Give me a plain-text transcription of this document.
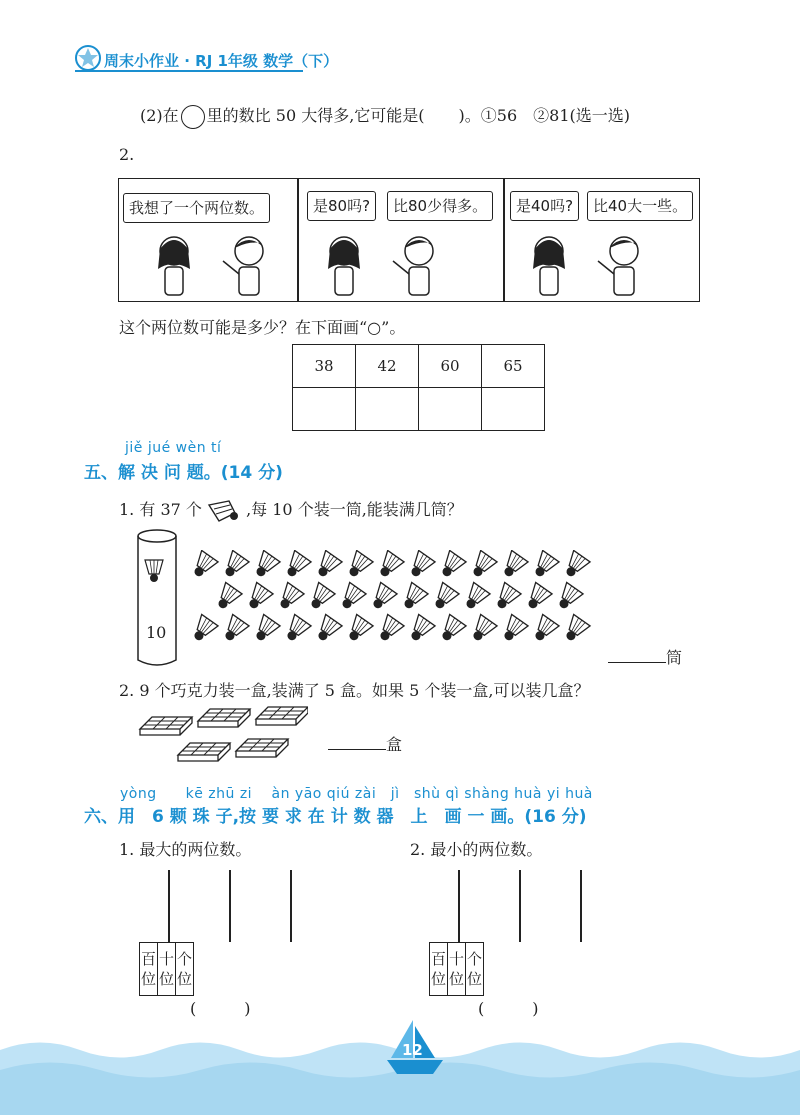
周末小作业 · RJ 1年级 数学（下）
(2)在 里的数比 50 大得多,它可能是( )。①56　②81(选一选)
2.
我想了一个两位数。	是80吗?	比80少得多。	是40吗?	比40大一些。
这个两位数可能是多少？在下面画“○”。
38	42	60	65

jiě jué wèn tí
五、解 决 问 题。(14 分)
1. 有 37 个	,每 10 个装一筒,能装满几筒？
10
筒
2. 9 个巧克力装一盒,装满了 5 盒。如果 5 个装一盒,可以装几盒？
盒
yòng　　kē zhū zi　 àn yāo qiú zài　jì　shù qì shàng huà yi huà
六、用　6 颗 珠 子,按 要 求 在 计 数 器　上　画 一 画。(16 分)
1. 最大的两位数。	2. 最小的两位数。
百
位	十
位	个
位
(　　　)
百
位	十
位	个
位
(　　　)
12
